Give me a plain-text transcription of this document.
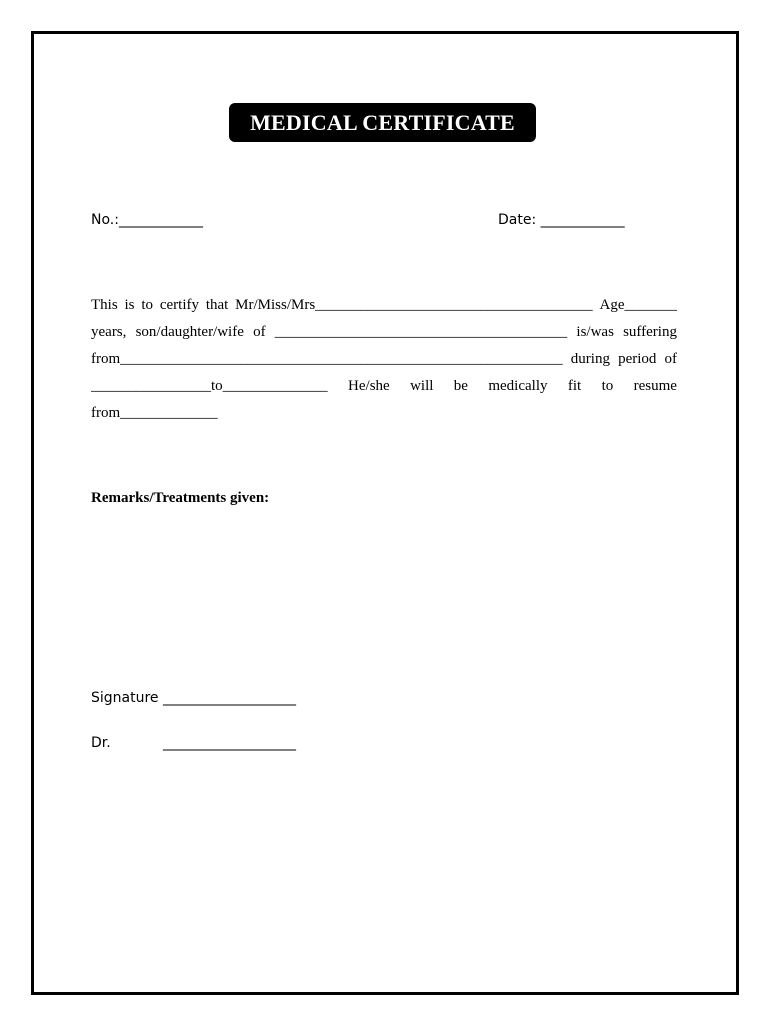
MEDICAL CERTIFICATE
No.:____________	Date: ____________
This is to certify that Mr/Miss/Mrs_____________________________________ Age_______
years, son/daughter/wife of _______________________________________ is/was suffering
from___________________________________________________________ during period of
________________to______________ He/she will be medically fit to resume
from_____________
Remarks/Treatments given:
Signature ___________________
Dr.	___________________
